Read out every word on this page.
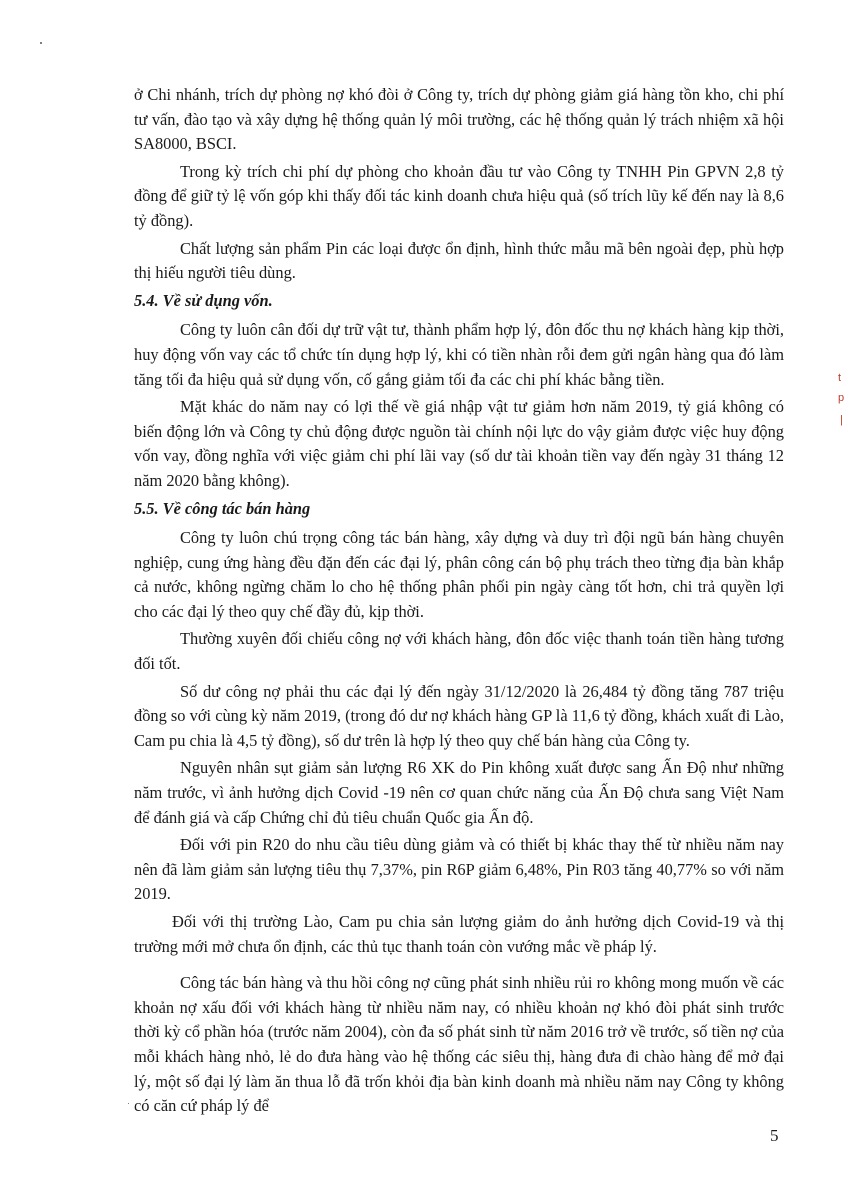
ở Chi nhánh, trích dự phòng nợ khó đòi ở Công ty, trích dự phòng giảm giá hàng tồn kho, chi phí tư vấn, đào tạo và xây dựng hệ thống quản lý môi trường, các hệ thống quản lý trách nhiệm xã hội SA8000, BSCI.

Trong kỳ trích chi phí dự phòng cho khoản đầu tư vào Công ty TNHH Pin GPVN 2,8 tỷ đồng để giữ tỷ lệ vốn góp khi thấy đối tác kinh doanh chưa hiệu quả (số trích lũy kế đến nay là 8,6 tỷ đồng).

Chất lượng sản phẩm Pin các loại được ổn định, hình thức mẫu mã bên ngoài đẹp, phù hợp thị hiếu người tiêu dùng.

5.4. Về sử dụng vốn.

Công ty luôn cân đối dự trữ vật tư, thành phẩm hợp lý, đôn đốc thu nợ khách hàng kịp thời, huy động vốn vay các tổ chức tín dụng hợp lý, khi có tiền nhàn rỗi đem gửi ngân hàng qua đó làm tăng tối đa hiệu quả sử dụng vốn, cố gắng giảm tối đa các chi phí khác bằng tiền.

Mặt khác do năm nay có lợi thế về giá nhập vật tư giảm hơn năm 2019, tỷ giá không có biến động lớn và Công ty chủ động được nguồn tài chính nội lực do vậy giảm được việc huy động vốn vay, đồng nghĩa với việc giảm chi phí lãi vay (số dư tài khoản tiền vay đến ngày 31 tháng 12 năm 2020 bằng không).

5.5. Về công tác bán hàng

Công ty luôn chú trọng công tác bán hàng, xây dựng và duy trì đội ngũ bán hàng chuyên nghiệp, cung ứng hàng đều đặn đến các đại lý, phân công cán bộ phụ trách theo từng địa bàn khắp cả nước, không ngừng chăm lo cho hệ thống phân phối pin ngày càng tốt hơn, chi trả quyền lợi cho các đại lý theo quy chế đầy đủ, kịp thời.

Thường xuyên đối chiếu công nợ với khách hàng, đôn đốc việc thanh toán tiền hàng tương đối tốt.

Số dư công nợ phải thu các đại lý đến ngày 31/12/2020 là 26,484 tỷ đồng tăng 787 triệu đồng so với cùng kỳ năm 2019, (trong đó dư nợ khách hàng GP là 11,6 tỷ đồng, khách xuất đi Lào, Cam pu chia là 4,5 tỷ đồng), số dư trên là hợp lý theo quy chế bán hàng của Công ty.

Nguyên nhân sụt giảm sản lượng R6 XK do Pin không xuất được sang Ấn Độ như những năm trước, vì ảnh hưởng dịch Covid -19 nên cơ quan chức năng của Ấn Độ chưa sang Việt Nam để đánh giá và cấp Chứng chỉ đủ tiêu chuẩn Quốc gia Ấn độ.

Đối với pin R20 do nhu cầu tiêu dùng giảm và có thiết bị khác thay thế từ nhiều năm nay nên đã làm giảm sản lượng tiêu thụ 7,37%, pin R6P giảm 6,48%, Pin R03 tăng 40,77% so với năm 2019.

Đối với thị trường Lào, Cam pu chia sản lượng giảm do ảnh hưởng dịch Covid-19 và thị trường mới mở chưa ổn định, các thủ tục thanh toán còn vướng mắc về pháp lý.

Công tác bán hàng và thu hồi công nợ cũng phát sinh nhiều rủi ro không mong muốn về các khoản nợ xấu đối với khách hàng từ nhiều năm nay, có nhiều khoản nợ khó đòi phát sinh trước thời kỳ cổ phần hóa (trước năm 2004), còn đa số phát sinh từ năm 2016 trở về trước, số tiền nợ của mỗi khách hàng nhỏ, lẻ do đưa hàng vào hệ thống các siêu thị, hàng đưa đi chào hàng để mở đại lý, một số đại lý làm ăn thua lỗ đã trốn khỏi địa bàn kinh doanh mà nhiều năm nay Công ty không có căn cứ pháp lý để

5
t
p
|
